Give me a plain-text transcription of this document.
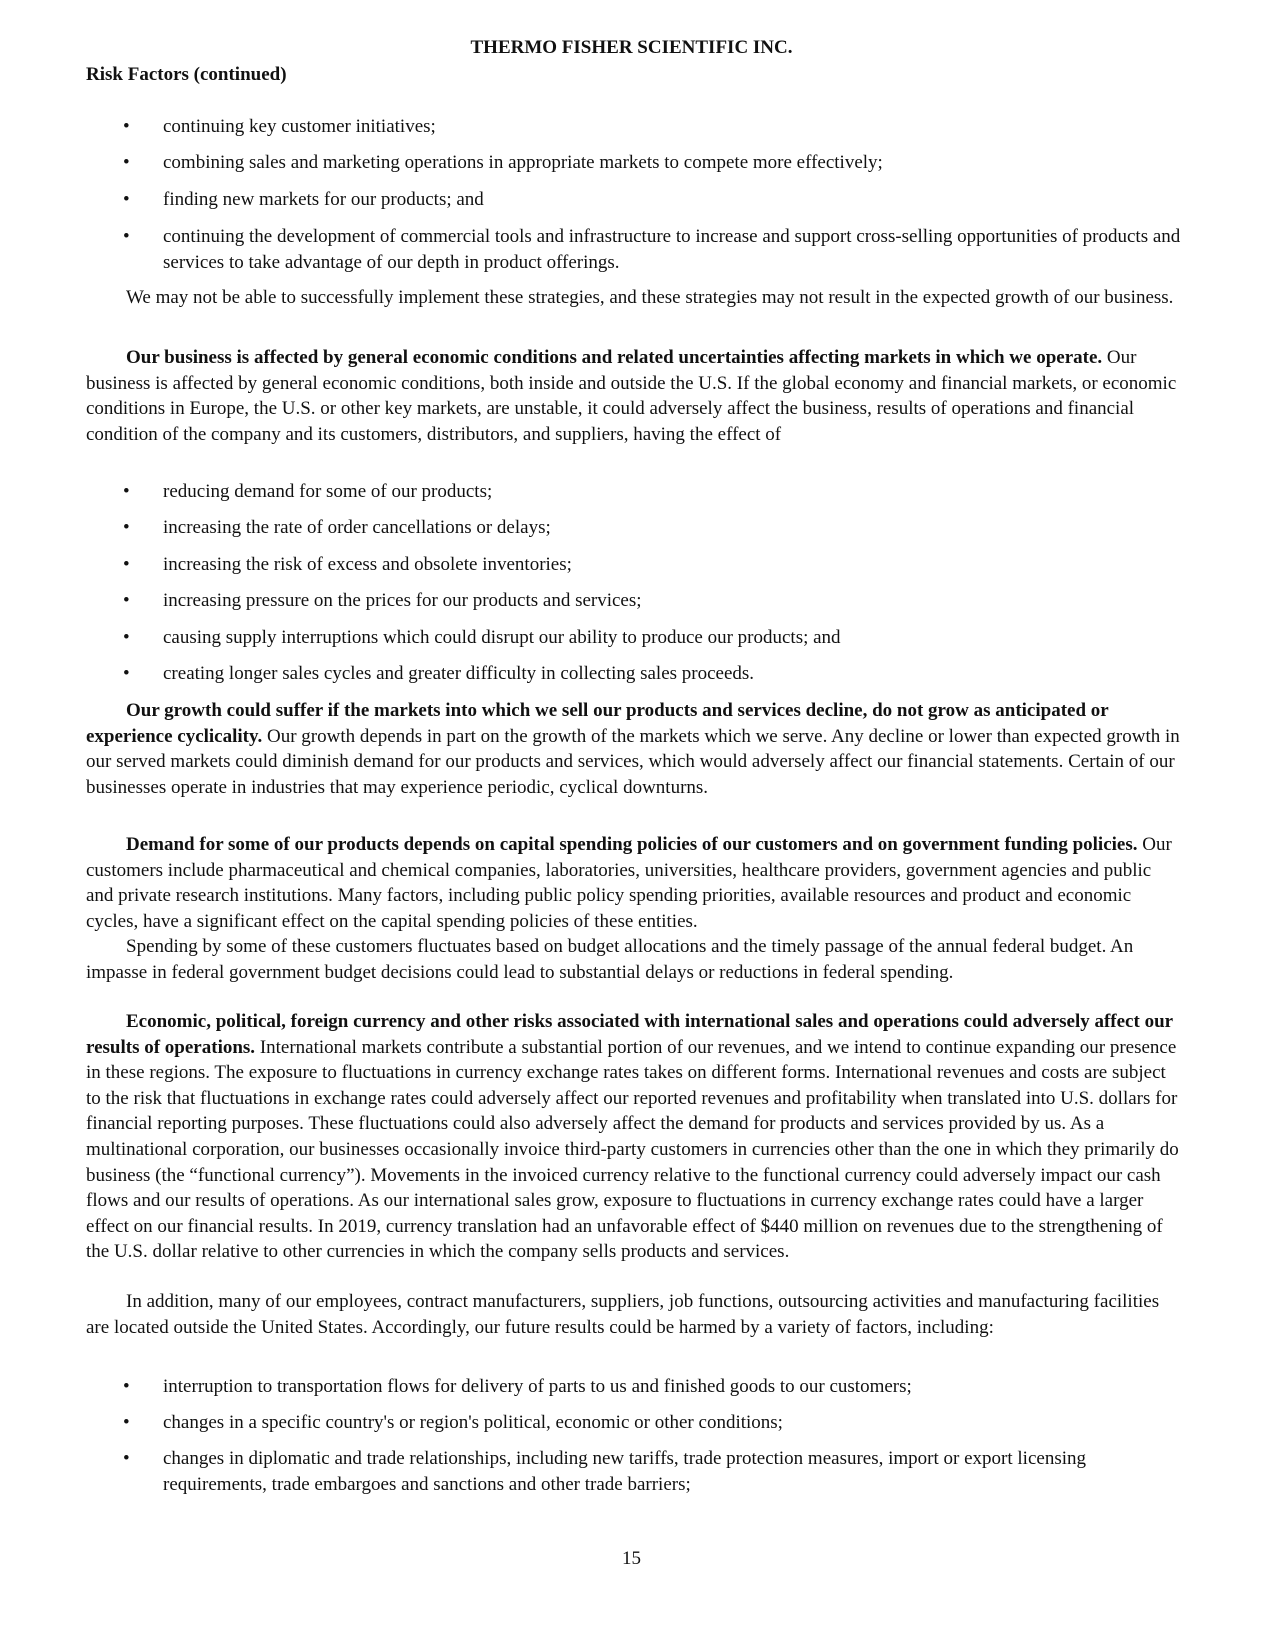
THERMO FISHER SCIENTIFIC INC.
Risk Factors (continued)
• continuing key customer initiatives;
• combining sales and marketing operations in appropriate markets to compete more effectively;
• finding new markets for our products; and
• continuing the development of commercial tools and infrastructure to increase and support cross-selling opportunities of products and services to take advantage of our depth in product offerings.

We may not be able to successfully implement these strategies, and these strategies may not result in the expected growth of our business.

Our business is affected by general economic conditions and related uncertainties affecting markets in which we operate. Our business is affected by general economic conditions, both inside and outside the U.S. If the global economy and financial markets, or economic conditions in Europe, the U.S. or other key markets, are unstable, it could adversely affect the business, results of operations and financial condition of the company and its customers, distributors, and suppliers, having the effect of

• reducing demand for some of our products;
• increasing the rate of order cancellations or delays;
• increasing the risk of excess and obsolete inventories;
• increasing pressure on the prices for our products and services;
• causing supply interruptions which could disrupt our ability to produce our products; and
• creating longer sales cycles and greater difficulty in collecting sales proceeds.

Our growth could suffer if the markets into which we sell our products and services decline, do not grow as anticipated or experience cyclicality. Our growth depends in part on the growth of the markets which we serve. Any decline or lower than expected growth in our served markets could diminish demand for our products and services, which would adversely affect our financial statements. Certain of our businesses operate in industries that may experience periodic, cyclical downturns.

Demand for some of our products depends on capital spending policies of our customers and on government funding policies. Our customers include pharmaceutical and chemical companies, laboratories, universities, healthcare providers, government agencies and public and private research institutions. Many factors, including public policy spending priorities, available resources and product and economic cycles, have a significant effect on the capital spending policies of these entities.

Spending by some of these customers fluctuates based on budget allocations and the timely passage of the annual federal budget. An impasse in federal government budget decisions could lead to substantial delays or reductions in federal spending.

Economic, political, foreign currency and other risks associated with international sales and operations could adversely affect our results of operations. International markets contribute a substantial portion of our revenues, and we intend to continue expanding our presence in these regions. The exposure to fluctuations in currency exchange rates takes on different forms. International revenues and costs are subject to the risk that fluctuations in exchange rates could adversely affect our reported revenues and profitability when translated into U.S. dollars for financial reporting purposes. These fluctuations could also adversely affect the demand for products and services provided by us. As a multinational corporation, our businesses occasionally invoice third-party customers in currencies other than the one in which they primarily do business (the “functional currency”). Movements in the invoiced currency relative to the functional currency could adversely impact our cash flows and our results of operations. As our international sales grow, exposure to fluctuations in currency exchange rates could have a larger effect on our financial results. In 2019, currency translation had an unfavorable effect of $440 million on revenues due to the strengthening of the U.S. dollar relative to other currencies in which the company sells products and services.

In addition, many of our employees, contract manufacturers, suppliers, job functions, outsourcing activities and manufacturing facilities are located outside the United States. Accordingly, our future results could be harmed by a variety of factors, including:

• interruption to transportation flows for delivery of parts to us and finished goods to our customers;
• changes in a specific country's or region's political, economic or other conditions;
• changes in diplomatic and trade relationships, including new tariffs, trade protection measures, import or export licensing requirements, trade embargoes and sanctions and other trade barriers;
15
